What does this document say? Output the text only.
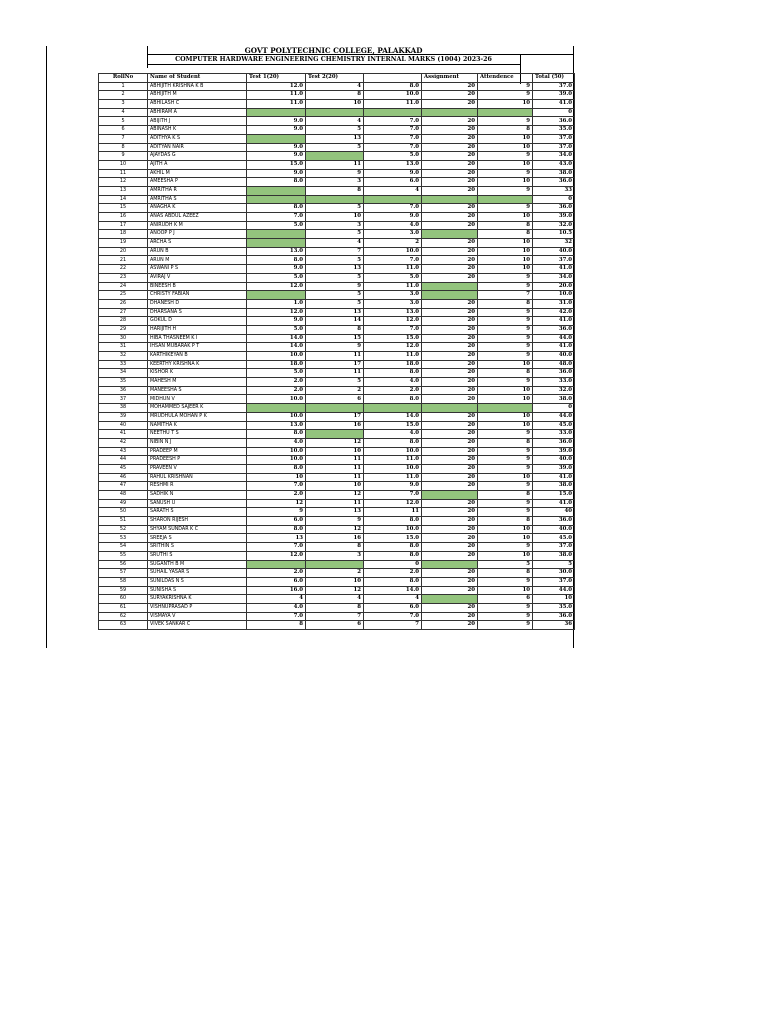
GOVT POLYTECHNIC COLLEGE, PALAKKAD
COMPUTER HARDWARE ENGINEERING CHEMISTRY INTERNAL MARKS (1004) 2023-26
RollNo	Name of Student	Test 1(20)	Test 2(20)		Assignment	Attendence	Total (50)
1	ABHIJITH KRISHNA K B	12.0	4	8.0	20	9	37.0
2	ABHIJITH M	11.0	8	10.0	20	9	39.0
3	ABHILASH C	11.0	10	11.0	20	10	41.0
4	ABHIRAM A						0
5	ABIJITH J	9.0	4	7.0	20	9	36.0
6	ABINASH K	9.0	5	7.0	20	8	35.0
7	ADITHYA K S		13	7.0	20	10	37.0
8	ADITYAN NAIR	9.0	5	7.0	20	10	37.0
9	AJAYDAS G	9.0		5.0	20	9	34.0
10	AJITH A	15.0	11	13.0	20	10	43.0
11	AKHIL M	9.0	9	9.0	20	9	38.0
12	AMEESHA P	8.0	3	6.0	20	10	36.0
13	AMRITHA R		8	4	20	9	33
14	AMRITHA S						0
15	ANAGHA K	8.0	5	7.0	20	9	36.0
16	ANAS ABDUL AZEEZ	7.0	10	9.0	20	10	39.0
17	ANIRUDH K M	5.0	3	4.0	20	8	32.0
18	ANOOP P J		5	3.0		8	10.5
19	ARCHA S		4	2	20	10	32
20	ARUN B	13.0	7	10.0	20	10	40.0
21	ARUN M	8.0	5	7.0	20	10	37.0
22	ASWANI P S	9.0	13	11.0	20	10	41.0
23	AVIRAJ V	5.0	5	5.0	20	9	34.0
24	BINEESH B	12.0	9	11.0		9	20.0
25	CHRISTY FABIAN		5	3.0		7	10.0
26	DHANESH D	1.0	5	3.0	20	8	31.0
27	DHARSANA S	12.0	13	13.0	20	9	42.0
28	GOKUL D	9.0	14	12.0	20	9	41.0
29	HARIJITH H	5.0	8	7.0	20	9	36.0
30	HIBA THASNEEM K I	14.0	15	15.0	20	9	44.0
31	IHSAN MUBARAK P T	14.0	9	12.0	20	9	41.0
32	KARTHIKEYAN B	10.0	11	11.0	20	9	40.0
33	KEERTHY KRISHNA K	18.0	17	18.0	20	10	48.0
34	KISHOR K	5.0	11	8.0	20	8	36.0
35	MAHESH M	2.0	5	4.0	20	9	33.0
36	MANEESHA S	2.0	2	2.0	20	10	32.0
37	MIDHUN V	10.0	6	8.0	20	10	38.0
38	MOHAMMED SAJEER K						0
39	MRUDHULA MOHAN P K	10.0	17	14.0	20	10	44.0
40	NAMITHA K	13.0	16	15.0	20	10	45.0
41	NEETHU T S	8.0		4.0	20	9	33.0
42	NIBIN N J	4.0	12	8.0	20	8	36.0
43	PRADEEP M	10.0	10	10.0	20	9	39.0
44	PRADEESH P	10.0	11	11.0	20	9	40.0
45	PRAVEEN V	8.0	11	10.0	20	9	39.0
46	RAHUL KRISHNAN	10	11	11.0	20	10	41.0
47	RESHMI R	7.0	10	9.0	20	9	38.0
48	SADHIK N	2.0	12	7.0		8	15.0
49	SANUSH U	12	11	12.0	20	9	41.0
50	SARATH S	9	13	11	20	9	40
51	SHARON RIJESH	6.0	9	8.0	20	8	36.0
52	SHYAM SUNDAR K C	8.0	12	10.0	20	10	40.0
53	SREEJA S	13	16	15.0	20	10	45.0
54	SRITHIN S	7.0	8	8.0	20	9	37.0
55	SRUTHI S	12.0	3	8.0	20	10	38.0
56	SUGANTH B M			0		5	5
57	SUHAIL YASAR S	2.0	2	2.0	20	8	30.0
58	SUNILDAS N S	6.0	10	8.0	20	9	37.0
59	SUNISHA S	16.0	12	14.0	20	10	44.0
60	SURYAKRISHNA K	4	4	4		6	10
61	VISHNUPRASAD P	4.0	8	6.0	20	9	35.0
62	VISMAYA V	7.0	7	7.0	20	9	36.0
63	VIVEK SANKAR C	8	6	7	20	9	36
